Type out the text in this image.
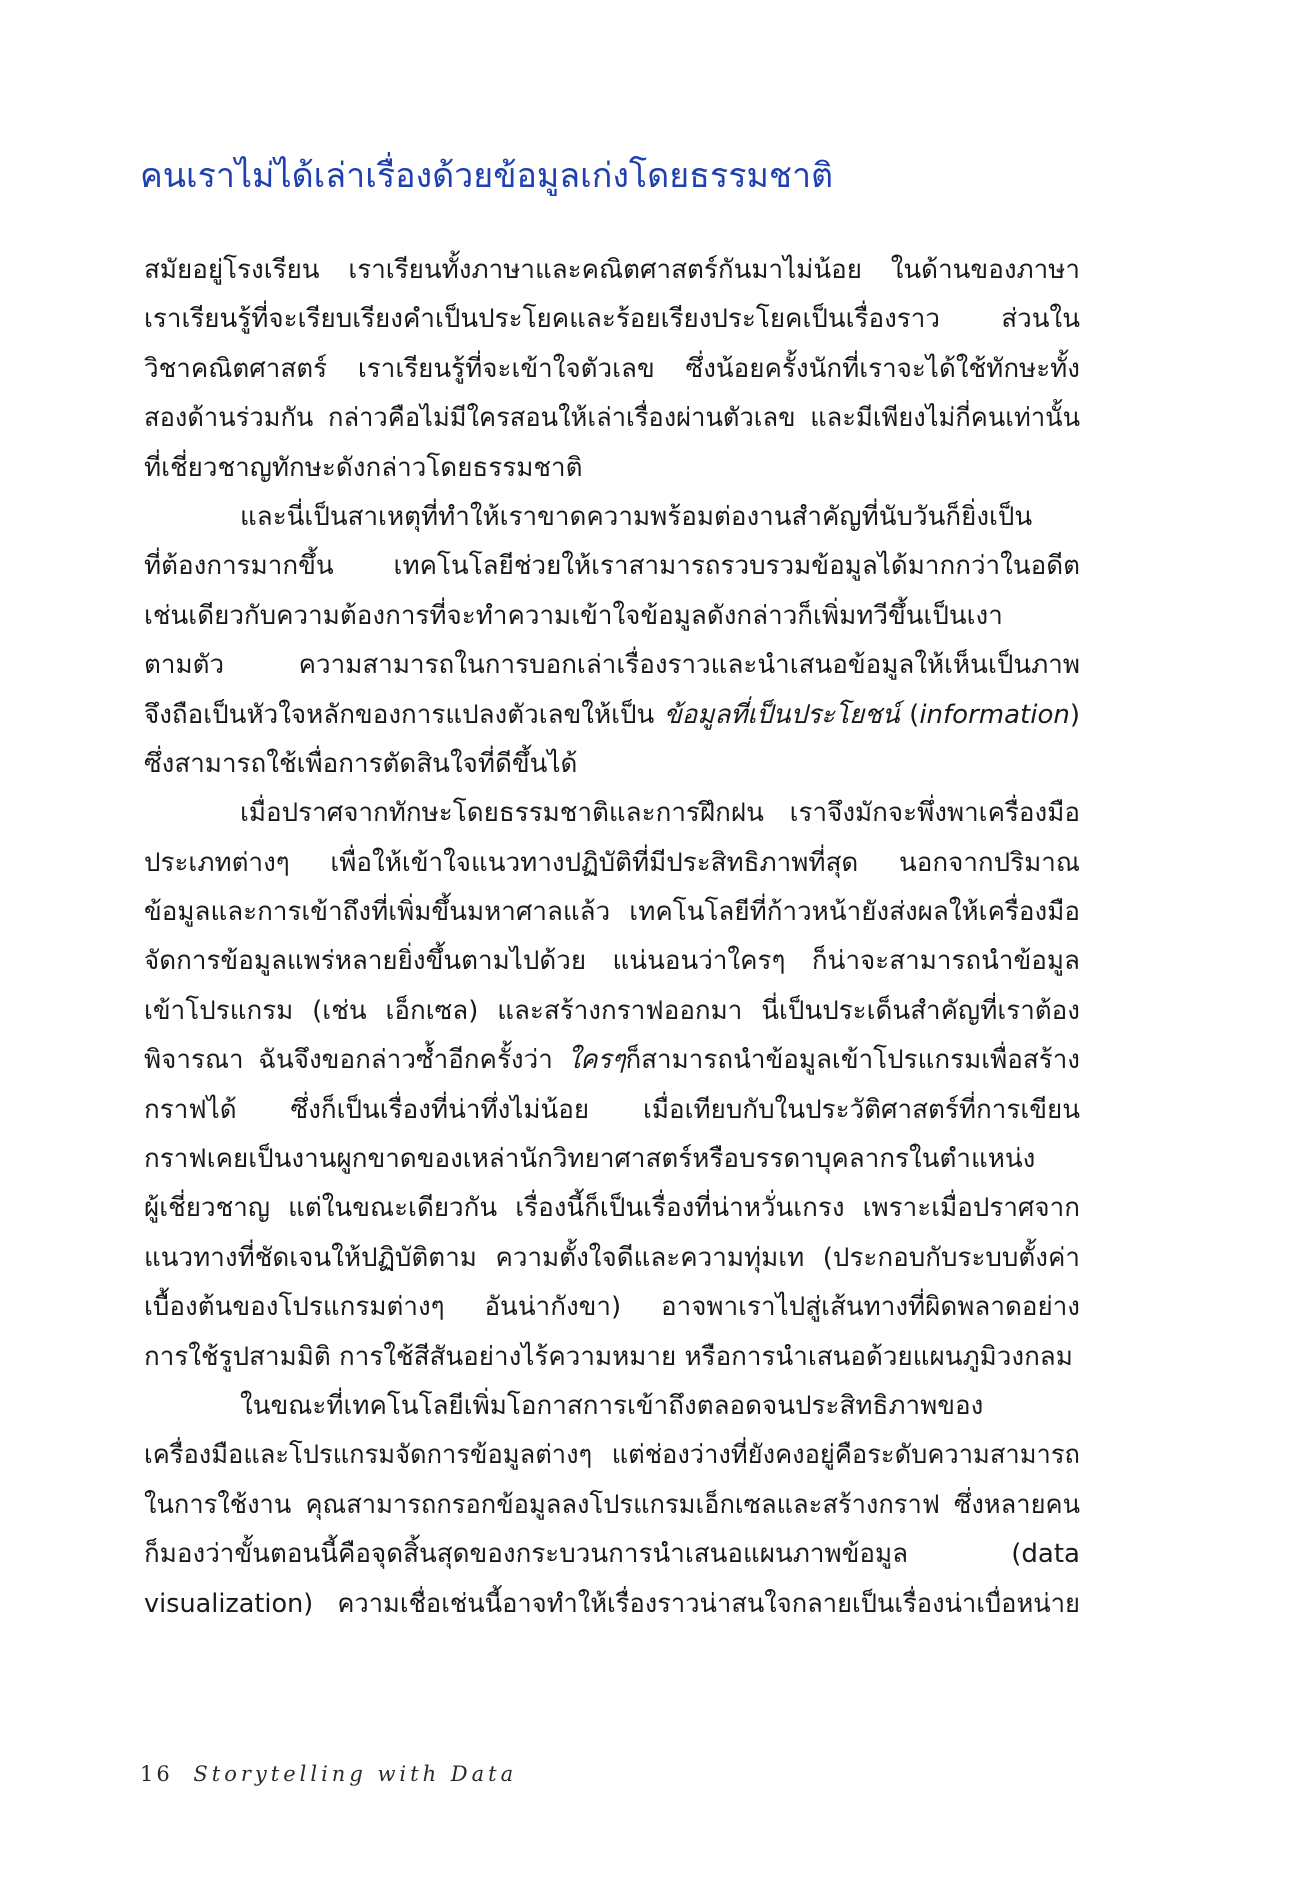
คนเราไม่ได้เล่าเรื่องด้วยข้อมูลเก่งโดยธรรมชาติ

สมัยอยู่โรงเรียน เราเรียนทั้งภาษาและคณิตศาสตร์กันมาไม่น้อย ในด้านของภาษา
เราเรียนรู้ที่จะเรียบเรียงคำเป็นประโยคและร้อยเรียงประโยคเป็นเรื่องราว ส่วนใน
วิชาคณิตศาสตร์ เราเรียนรู้ที่จะเข้าใจตัวเลข ซึ่งน้อยครั้งนักที่เราจะได้ใช้ทักษะทั้ง
สองด้านร่วมกัน กล่าวคือไม่มีใครสอนให้เล่าเรื่องผ่านตัวเลข และมีเพียงไม่กี่คนเท่านั้น
ที่เชี่ยวชาญทักษะดังกล่าวโดยธรรมชาติ

และนี่เป็นสาเหตุที่ทำให้เราขาดความพร้อมต่องานสำคัญที่นับวันก็ยิ่งเป็น
ที่ต้องการมากขึ้น เทคโนโลยีช่วยให้เราสามารถรวบรวมข้อมูลได้มากกว่าในอดีต
เช่นเดียวกับความต้องการที่จะทำความเข้าใจข้อมูลดังกล่าวก็เพิ่มทวีขึ้นเป็นเงา
ตามตัว ความสามารถในการบอกเล่าเรื่องราวและนำเสนอข้อมูลให้เห็นเป็นภาพ
จึงถือเป็นหัวใจหลักของการแปลงตัวเลขให้เป็น ข้อมูลที่เป็นประโยชน์ (information)
ซึ่งสามารถใช้เพื่อการตัดสินใจที่ดีขึ้นได้

เมื่อปราศจากทักษะโดยธรรมชาติและการฝึกฝน เราจึงมักจะพึ่งพาเครื่องมือ
ประเภทต่างๆ เพื่อให้เข้าใจแนวทางปฏิบัติที่มีประสิทธิภาพที่สุด นอกจากปริมาณ
ข้อมูลและการเข้าถึงที่เพิ่มขึ้นมหาศาลแล้ว เทคโนโลยีที่ก้าวหน้ายังส่งผลให้เครื่องมือ
จัดการข้อมูลแพร่หลายยิ่งขึ้นตามไปด้วย แน่นอนว่าใครๆ ก็น่าจะสามารถนำข้อมูล
เข้าโปรแกรม (เช่น เอ็กเซล) และสร้างกราฟออกมา นี่เป็นประเด็นสำคัญที่เราต้อง
พิจารณา ฉันจึงขอกล่าวซ้ำอีกครั้งว่า ใครๆก็สามารถนำข้อมูลเข้าโปรแกรมเพื่อสร้าง
กราฟได้ ซึ่งก็เป็นเรื่องที่น่าทึ่งไม่น้อย เมื่อเทียบกับในประวัติศาสตร์ที่การเขียน
กราฟเคยเป็นงานผูกขาดของเหล่านักวิทยาศาสตร์หรือบรรดาบุคลากรในตำแหน่ง
ผู้เชี่ยวชาญ แต่ในขณะเดียวกัน เรื่องนี้ก็เป็นเรื่องที่น่าหวั่นเกรง เพราะเมื่อปราศจาก
แนวทางที่ชัดเจนให้ปฏิบัติตาม ความตั้งใจดีและความทุ่มเท (ประกอบกับระบบตั้งค่า
เบื้องต้นของโปรแกรมต่างๆ อันน่ากังขา) อาจพาเราไปสู่เส้นทางที่ผิดพลาดอย่าง
การใช้รูปสามมิติ การใช้สีสันอย่างไร้ความหมาย หรือการนำเสนอด้วยแผนภูมิวงกลม

ในขณะที่เทคโนโลยีเพิ่มโอกาสการเข้าถึงตลอดจนประสิทธิภาพของ
เครื่องมือและโปรแกรมจัดการข้อมูลต่างๆ แต่ช่องว่างที่ยังคงอยู่คือระดับความสามารถ
ในการใช้งาน คุณสามารถกรอกข้อมูลลงโปรแกรมเอ็กเซลและสร้างกราฟ ซึ่งหลายคน
ก็มองว่าขั้นตอนนี้คือจุดสิ้นสุดของกระบวนการนำเสนอแผนภาพข้อมูล (data
visualization) ความเชื่อเช่นนี้อาจทำให้เรื่องราวน่าสนใจกลายเป็นเรื่องน่าเบื่อหน่าย

16 Storytelling with Data
